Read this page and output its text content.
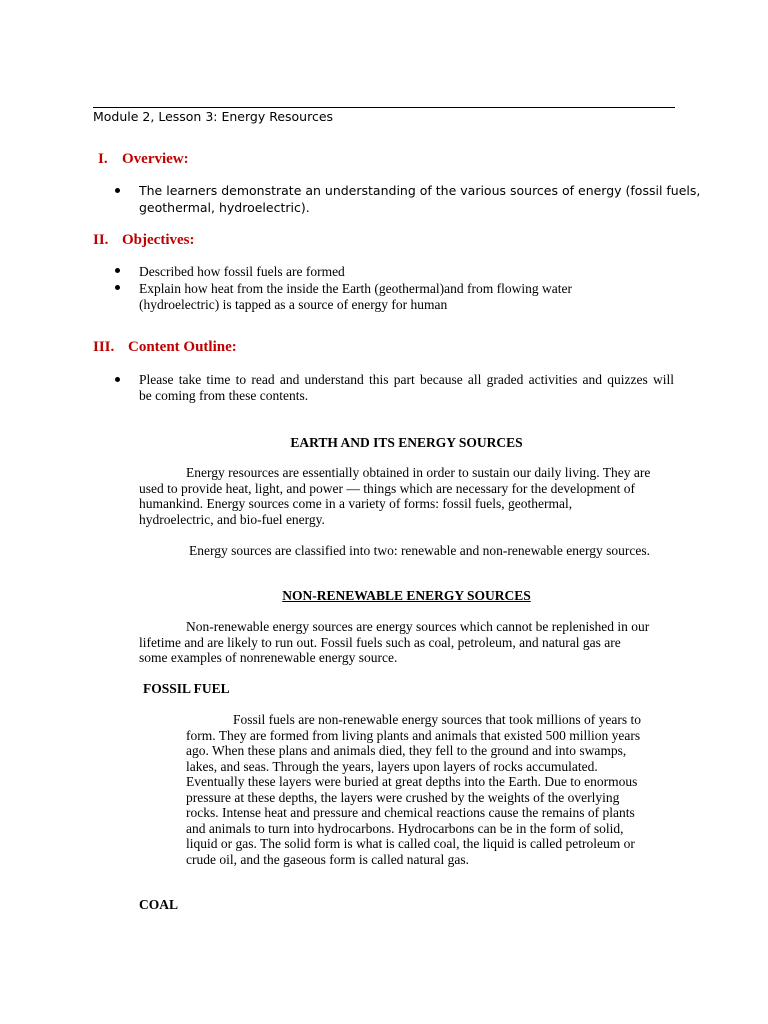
Module 2, Lesson 3: Energy Resources
I. Overview:
The learners demonstrate an understanding of the various sources of energy (fossil fuels,
geothermal, hydroelectric).
II. Objectives:
Described how fossil fuels are formed
Explain how heat from the inside the Earth (geothermal)and from flowing water
(hydroelectric) is tapped as a source of energy for human
III. Content Outline:
Please take time to read and understand this part because all graded activities and quizzes will
be coming from these contents.
EARTH AND ITS ENERGY SOURCES
Energy resources are essentially obtained in order to sustain our daily living. They are
used to provide heat, light, and power — things which are necessary for the development of
humankind. Energy sources come in a variety of forms: fossil fuels, geothermal,
hydroelectric, and bio-fuel energy.
Energy sources are classified into two: renewable and non-renewable energy sources.
NON-RENEWABLE ENERGY SOURCES
Non-renewable energy sources are energy sources which cannot be replenished in our
lifetime and are likely to run out. Fossil fuels such as coal, petroleum, and natural gas are
some examples of nonrenewable energy source.
FOSSIL FUEL
Fossil fuels are non-renewable energy sources that took millions of years to
form. They are formed from living plants and animals that existed 500 million years
ago. When these plans and animals died, they fell to the ground and into swamps,
lakes, and seas. Through the years, layers upon layers of rocks accumulated.
Eventually these layers were buried at great depths into the Earth. Due to enormous
pressure at these depths, the layers were crushed by the weights of the overlying
rocks. Intense heat and pressure and chemical reactions cause the remains of plants
and animals to turn into hydrocarbons. Hydrocarbons can be in the form of solid,
liquid or gas. The solid form is what is called coal, the liquid is called petroleum or
crude oil, and the gaseous form is called natural gas.
COAL
